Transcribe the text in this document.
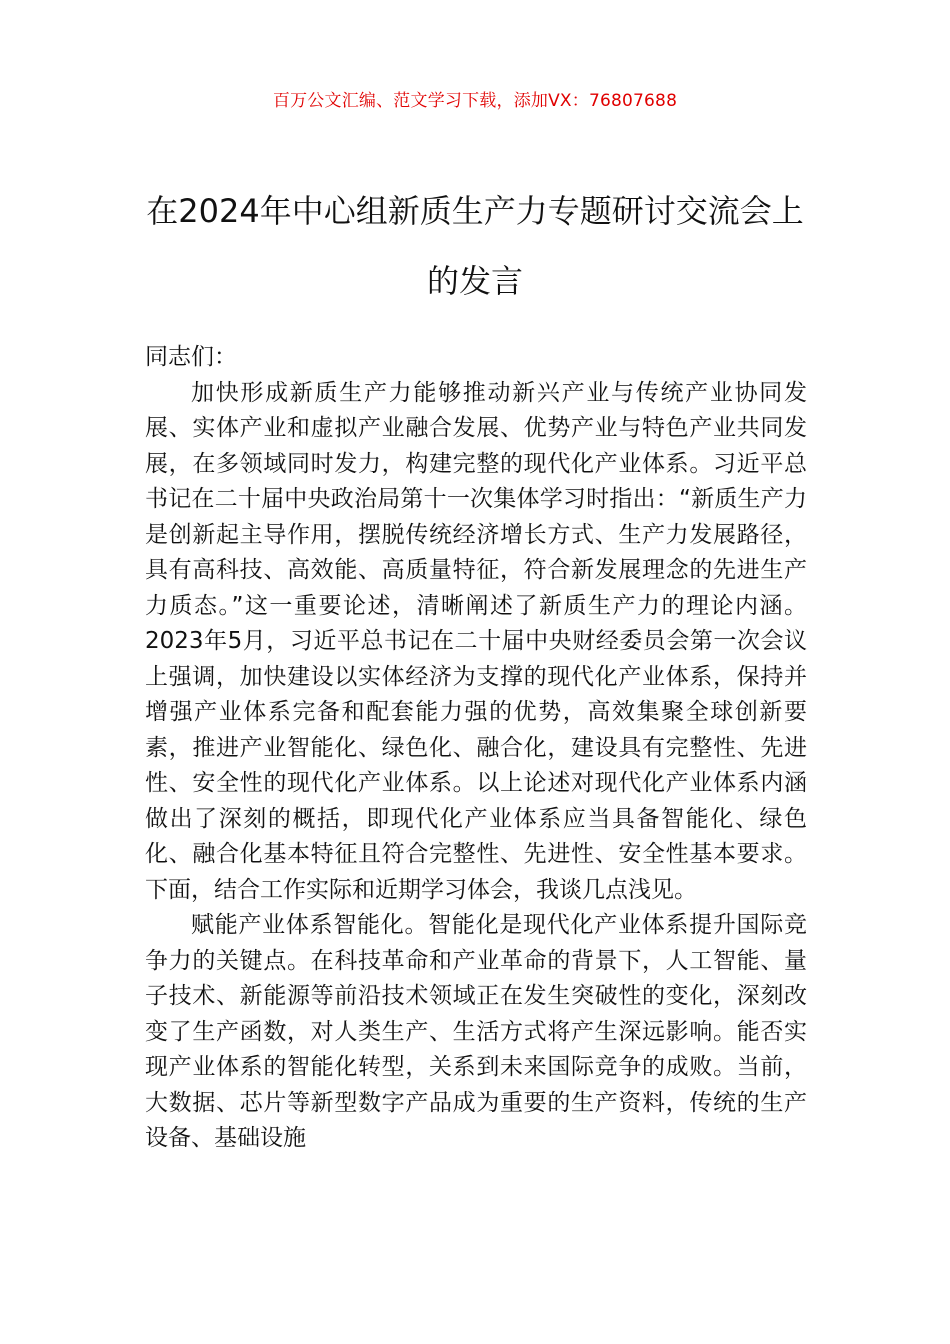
百万公文汇编、范文学习下载，添加VX：76807688
在2024年中心组新质生产力专题研讨交流会上的发言

同志们：

加快形成新质生产力能够推动新兴产业与传统产业协同发展、实体产业和虚拟产业融合发展、优势产业与特色产业共同发展，在多领域同时发力，构建完整的现代化产业体系。习近平总书记在二十届中央政治局第十一次集体学习时指出：“新质生产力是创新起主导作用，摆脱传统经济增长方式、生产力发展路径，具有高科技、高效能、高质量特征，符合新发展理念的先进生产力质态。”这一重要论述，清晰阐述了新质生产力的理论内涵。2023年5月，习近平总书记在二十届中央财经委员会第一次会议上强调，加快建设以实体经济为支撑的现代化产业体系，保持并增强产业体系完备和配套能力强的优势，高效集聚全球创新要素，推进产业智能化、绿色化、融合化，建设具有完整性、先进性、安全性的现代化产业体系。以上论述对现代化产业体系内涵做出了深刻的概括，即现代化产业体系应当具备智能化、绿色化、融合化基本特征且符合完整性、先进性、安全性基本要求。下面，结合工作实际和近期学习体会，我谈几点浅见。

赋能产业体系智能化。智能化是现代化产业体系提升国际竞争力的关键点。在科技革命和产业革命的背景下，人工智能、量子技术、新能源等前沿技术领域正在发生突破性的变化，深刻改变了生产函数，对人类生产、生活方式将产生深远影响。能否实现产业体系的智能化转型，关系到未来国际竞争的成败。当前，大数据、芯片等新型数字产品成为重要的生产资料，传统的生产设备、基础设施
